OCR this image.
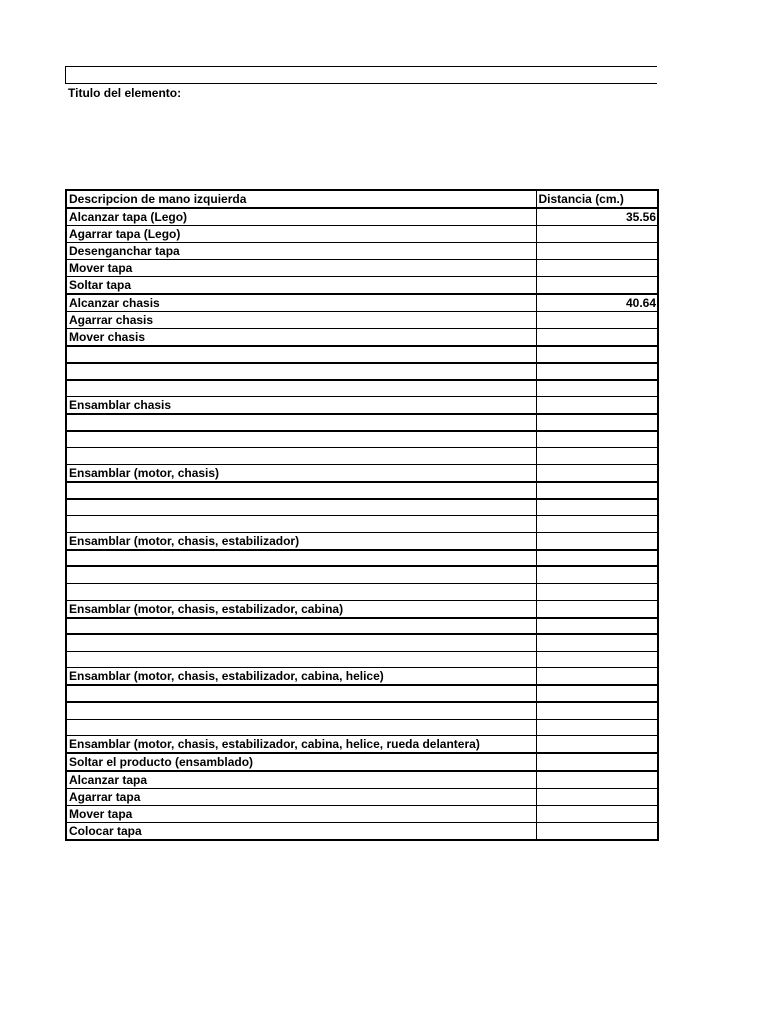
Titulo del elemento:
Descripcion de mano izquierda	Distancia (cm.)
Alcanzar tapa (Lego)	35.56
Agarrar tapa (Lego)	
Desenganchar tapa	
Mover tapa	
Soltar tapa	
Alcanzar chasis	40.64
Agarrar chasis	
Mover chasis	

Ensamblar chasis	

Ensamblar (motor, chasis)	

Ensamblar (motor, chasis, estabilizador)	

Ensamblar (motor, chasis, estabilizador, cabina)	

Ensamblar (motor, chasis, estabilizador, cabina, helice)	

Ensamblar (motor, chasis, estabilizador, cabina, helice, rueda delantera)	
Soltar el producto (ensamblado)	
Alcanzar tapa	
Agarrar tapa	
Mover tapa	
Colocar tapa	
